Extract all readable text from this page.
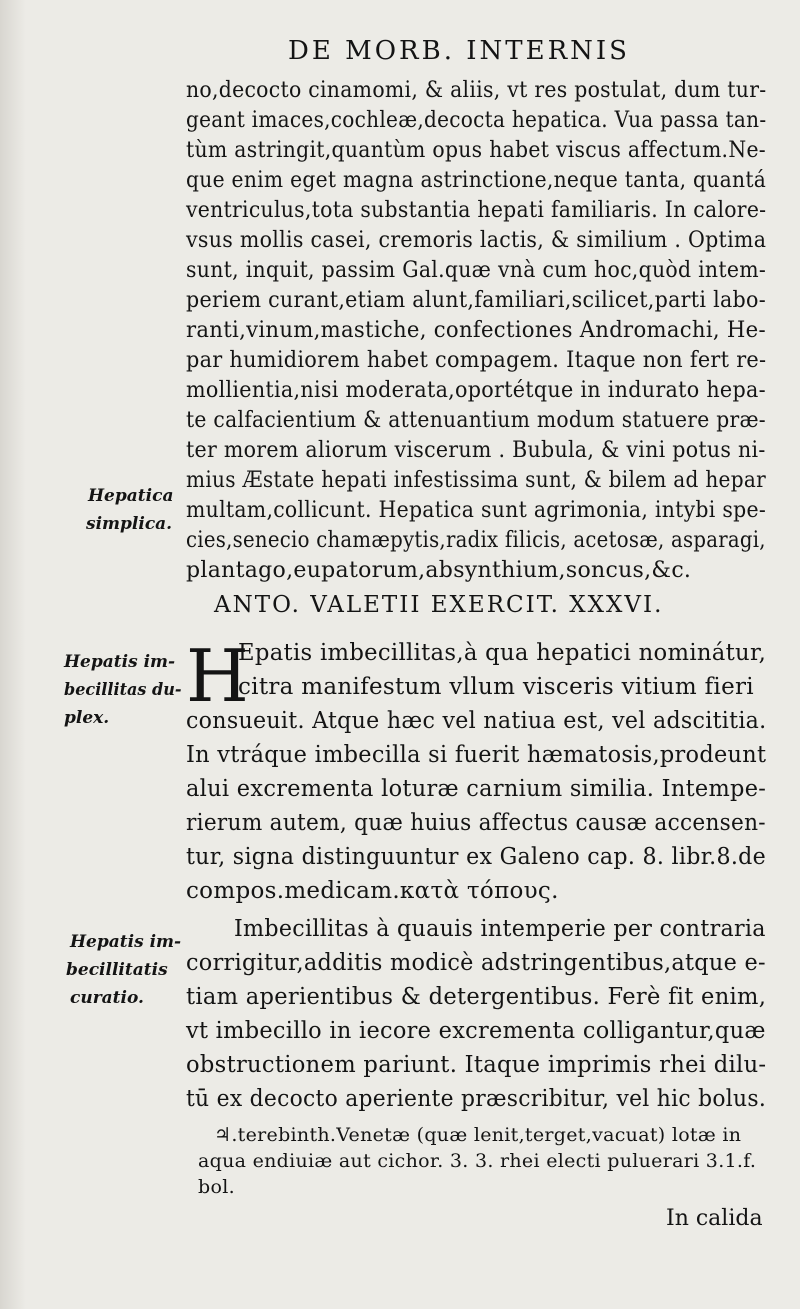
DE MORB. INTERNIS
no,decocto cinamomi, & aliis, vt res postulat, dum tur-
geant imaces,cochleæ,decocta hepatica. Vua passa tan-
tùm astringit,quantùm opus habet viscus affectum.Ne-
que enim eget magna astrinctione,neque tanta, quantá
ventriculus,tota substantia hepati familiaris. In calore-
vsus mollis casei, cremoris lactis, & similium . Optima
sunt, inquit, passim Gal.quæ vnà cum hoc,quòd intem-
periem curant,etiam alunt,familiari,scilicet,parti labo-
ranti,vinum,mastiche, confectiones Andromachi, He-
par humidiorem habet compagem. Itaque non fert re-
mollientia,nisi moderata,oportétque in indurato hepa-
te calfacientium & attenuantium modum statuere præ-
ter morem aliorum viscerum . Bubula, & vini potus ni-
mius Æstate hepati infestissima sunt, & bilem ad hepar
multam,collicunt. Hepatica sunt agrimonia, intybi spe-
cies,senecio chamæpytis,radix filicis, acetosæ, asparagi,
plantago,eupatorum,absynthium,soncus,&c.
Hepatica
simplica.
ANTO. VALETII EXERCIT. XXXVI.
H
Epatis imbecillitas,à qua hepatici nominátur,
citra manifestum vllum visceris vitium fieri
consueuit. Atque hæc vel natiua est, vel adscititia.
In vtráque imbecilla si fuerit hæmatosis,prodeunt
alui excrementa loturæ carnium similia. Intempe-
rierum autem, quæ huius affectus causæ accensen-
tur, signa distinguuntur ex Galeno cap. 8. libr.8.de
compos.medicam.κατὰ τόπους.
Imbecillitas à quauis intemperie per contraria
corrigitur,additis modicè adstringentibus,atque e-
tiam aperientibus & detergentibus. Ferè fit enim,
vt imbecillo in iecore excrementa colligantur,quæ
obstructionem pariunt. Itaque imprimis rhei dilu-
tū ex decocto aperiente præscribitur, vel hic bolus.
♃.terebinth.Venetæ (quæ lenit,terget,vacuat) lotæ in
aqua endiuiæ aut cichor. 3. 3. rhei electi puluerari 3.1.f.
bol.
In calida
Hepatis im-
becillitas du-
plex.
Hepatis im-
becillitatis
curatio.
